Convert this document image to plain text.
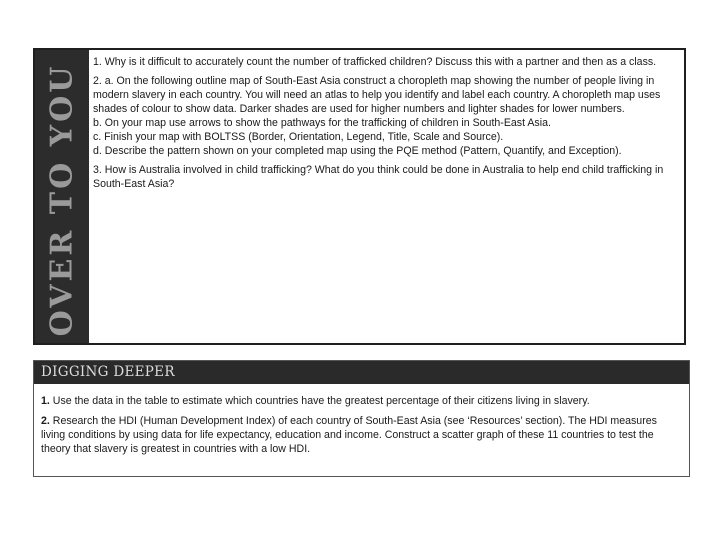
OVER TO YOU

1. Why is it difficult to accurately count the number of trafficked children? Discuss this with a partner and then as a class.

2. a. On the following outline map of South-East Asia construct a choropleth map showing the number of people living in modern slavery in each country. You will need an atlas to help you identify and label each country. A choropleth map uses shades of colour to show data. Darker shades are used for higher numbers and lighter shades for lower numbers.

b. On your map use arrows to show the pathways for the trafficking of children in South-East Asia.

c. Finish your map with BOLTSS (Border, Orientation, Legend, Title, Scale and Source).

d. Describe the pattern shown on your completed map using the PQE method (Pattern, Quantify, and Exception).

3. How is Australia involved in child trafficking? What do you think could be done in Australia to help end child trafficking in South-East Asia?

DIGGING DEEPER

1. Use the data in the table to estimate which countries have the greatest percentage of their citizens living in slavery.

2. Research the HDI (Human Development Index) of each country of South-East Asia (see ‘Resources’ section). The HDI measures living conditions by using data for life expectancy, education and income. Construct a scatter graph of these 11 countries to test the theory that slavery is greatest in countries with a low HDI.
